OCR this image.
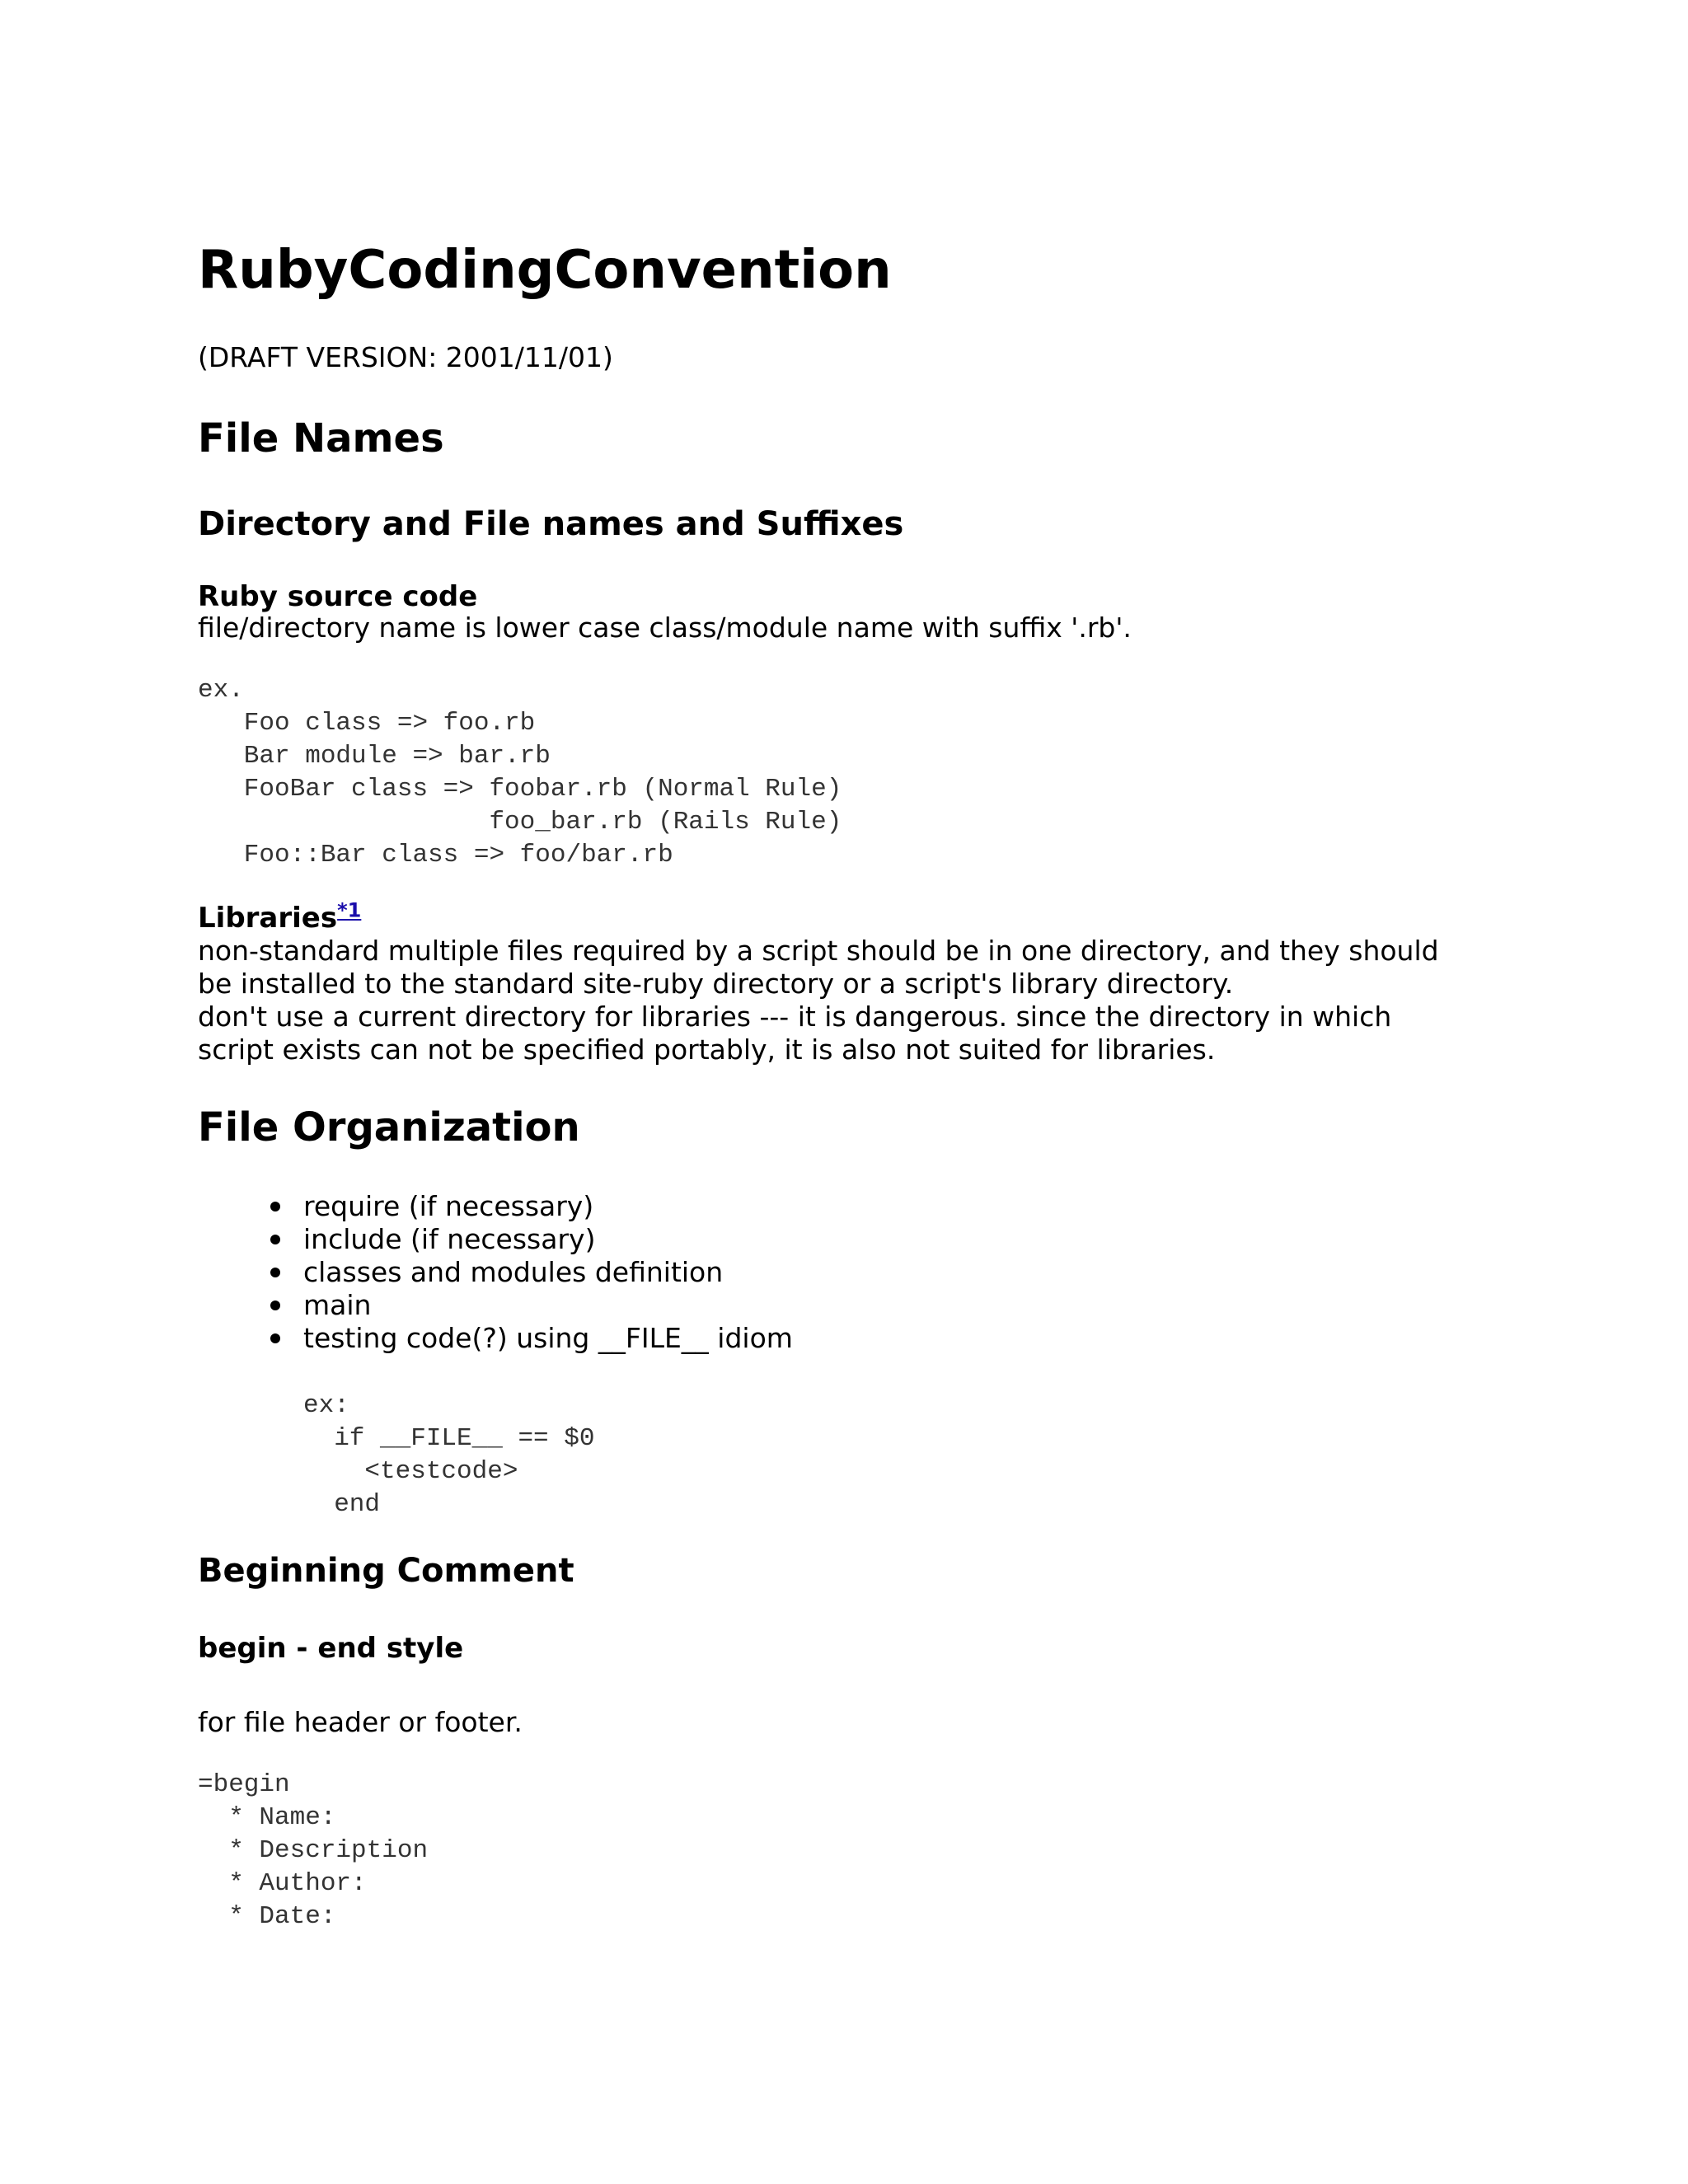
RubyCodingConvention

(DRAFT VERSION: 2001/11/01)

File Names
Directory and File names and Suffixes
Ruby source code

file/directory name is lower case class/module name with suffix '.rb'.

ex.
Foo class => foo.rb
Bar module => bar.rb
FooBar class => foobar.rb (Normal Rule)
foo_bar.rb (Rails Rule)
Foo::Bar class => foo/bar.rb
Libraries$^{*1}$

non-standard multiple files required by a script should be in one directory, and they should be installed to the standard site-ruby directory or a script's library directory.

don't use a current directory for libraries --- it is dangerous. since the directory in which script exists can not be specified portably, it is also not suited for libraries.

File Organization
require (if necessary)
include (if necessary)
classes and modules definition
main
testing code(?) using __FILE__ idiom
ex:
if __FILE__ == $0
<testcode>
end
Beginning Comment
begin - end style

for file header or footer.

=begin
* Name:
* Description
* Author:
* Date:
